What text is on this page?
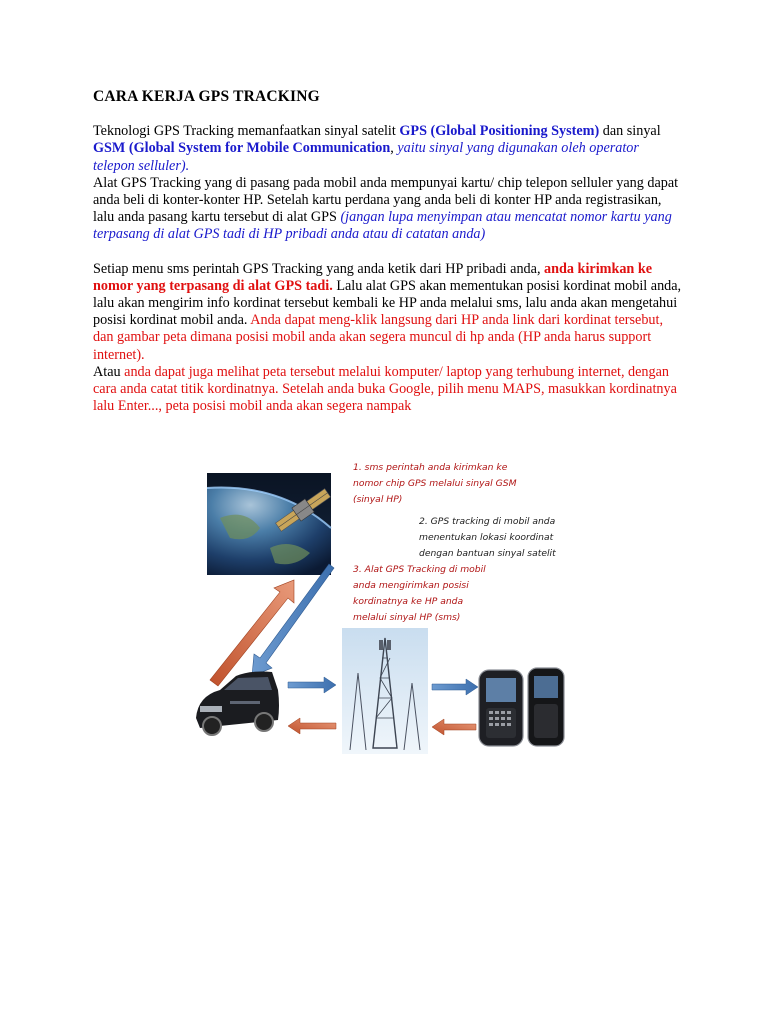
CARA KERJA GPS TRACKING

Teknologi GPS Tracking memanfaatkan sinyal satelit GPS (Global Positioning System) dan sinyal GSM (Global System for Mobile Communication, yaitu sinyal yang digunakan oleh operator telepon selluler).

Alat GPS Tracking yang di pasang pada mobil anda mempunyai kartu/ chip telepon selluler yang dapat anda beli di konter-konter HP. Setelah kartu perdana yang anda beli di konter HP anda registrasikan, lalu anda pasang kartu tersebut di alat GPS (jangan lupa menyimpan atau mencatat nomor kartu yang terpasang di alat GPS tadi di HP pribadi anda atau di catatan anda)

Setiap menu sms perintah GPS Tracking yang anda ketik dari HP pribadi anda, anda kirimkan ke nomor yang terpasang di alat GPS tadi. Lalu alat GPS akan mementukan posisi kordinat mobil anda, lalu akan mengirim info kordinat tersebut kembali ke HP anda melalui sms, lalu anda akan mengetahui posisi kordinat mobil anda. Anda dapat meng-klik langsung dari HP anda link dari kordinat tersebut, dan gambar peta dimana posisi mobil anda akan segera muncul di hp anda (HP anda harus support internet).
Atau anda dapat juga melihat peta tersebut melalui komputer/ laptop yang terhubung internet, dengan cara anda catat titik kordinatnya. Setelah anda buka Google, pilih menu MAPS, masukkan kordinatnya lalu Enter..., peta posisi mobil anda akan segera nampak

1. sms perintah anda kirimkan ke
nomor chip GPS melalui sinyal GSM
(sinyal HP)
2. GPS tracking di mobil anda
menentukan lokasi koordinat
dengan bantuan sinyal satelit
3. Alat GPS Tracking di mobil
anda mengirimkan posisi
kordinatnya ke HP anda
melalui sinyal HP (sms)
